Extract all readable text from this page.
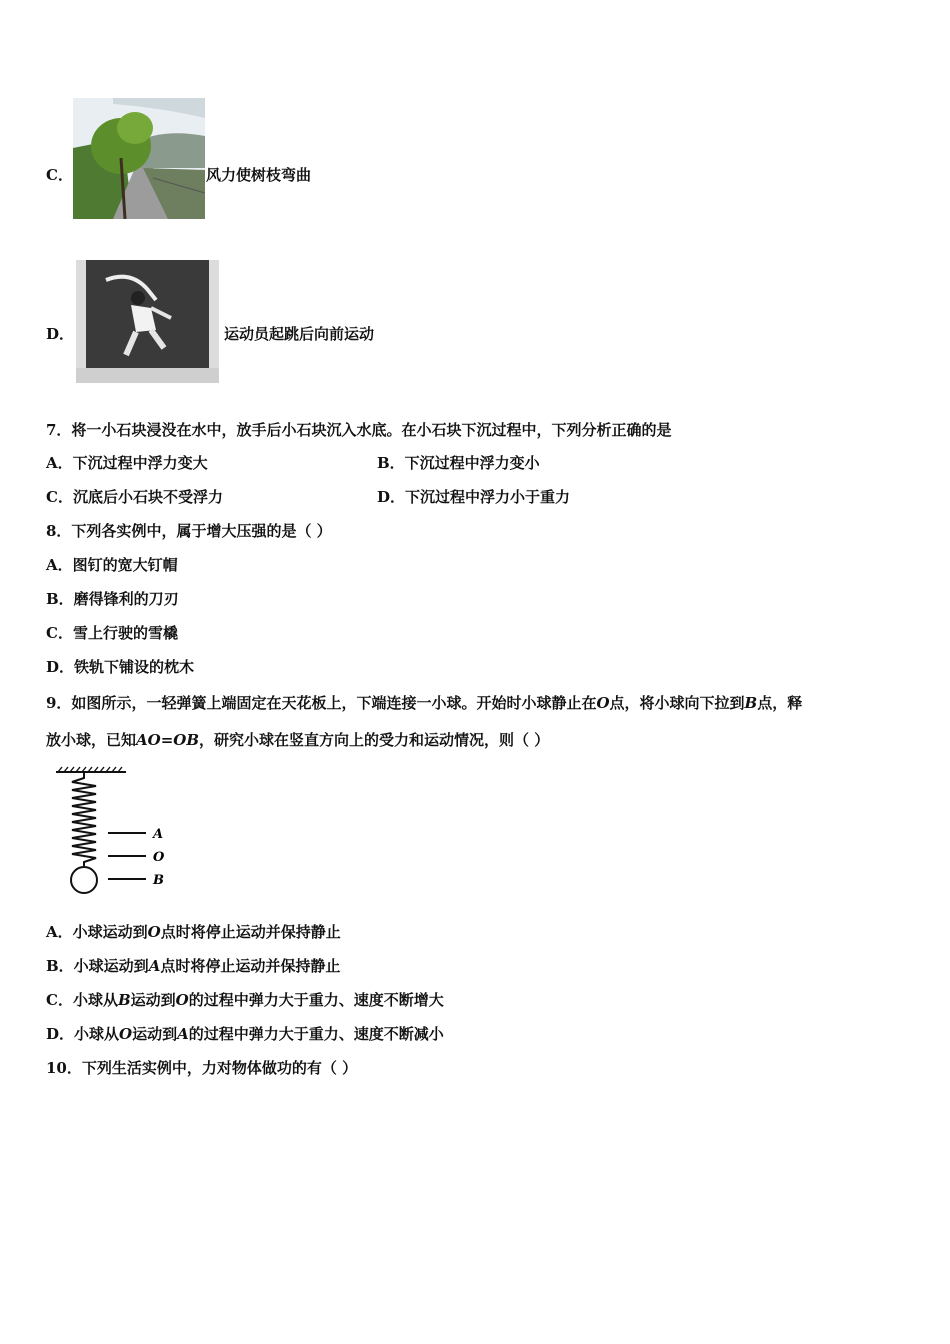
C．	风力使树枝弯曲
D．	运动员起跳后向前运动
7．将一小石块浸没在水中，放手后小石块沉入水底。在小石块下沉过程中，下列分析正确的是
A．下沉过程中浮力变大	B．下沉过程中浮力变小
C．沉底后小石块不受浮力	D．下沉过程中浮力小于重力
8．下列各实例中，属于增大压强的是（ ）
A．图钉的宽大钉帽
B．磨得锋利的刀刃
C．雪上行驶的雪橇
D．铁轨下铺设的枕木
9．如图所示，一轻弹簧上端固定在天花板上，下端连接一小球。开始时小球静止在O点，将小球向下拉到B点，释
放小球，已知AO=OB，研究小球在竖直方向上的受力和运动情况，则（ ）
A
O
B
A．小球运动到O点时将停止运动并保持静止
B．小球运动到A点时将停止运动并保持静止
C．小球从B运动到O的过程中弹力大于重力、速度不断增大
D．小球从O运动到A的过程中弹力大于重力、速度不断减小
10．下列生活实例中，力对物体做功的有（ ）
